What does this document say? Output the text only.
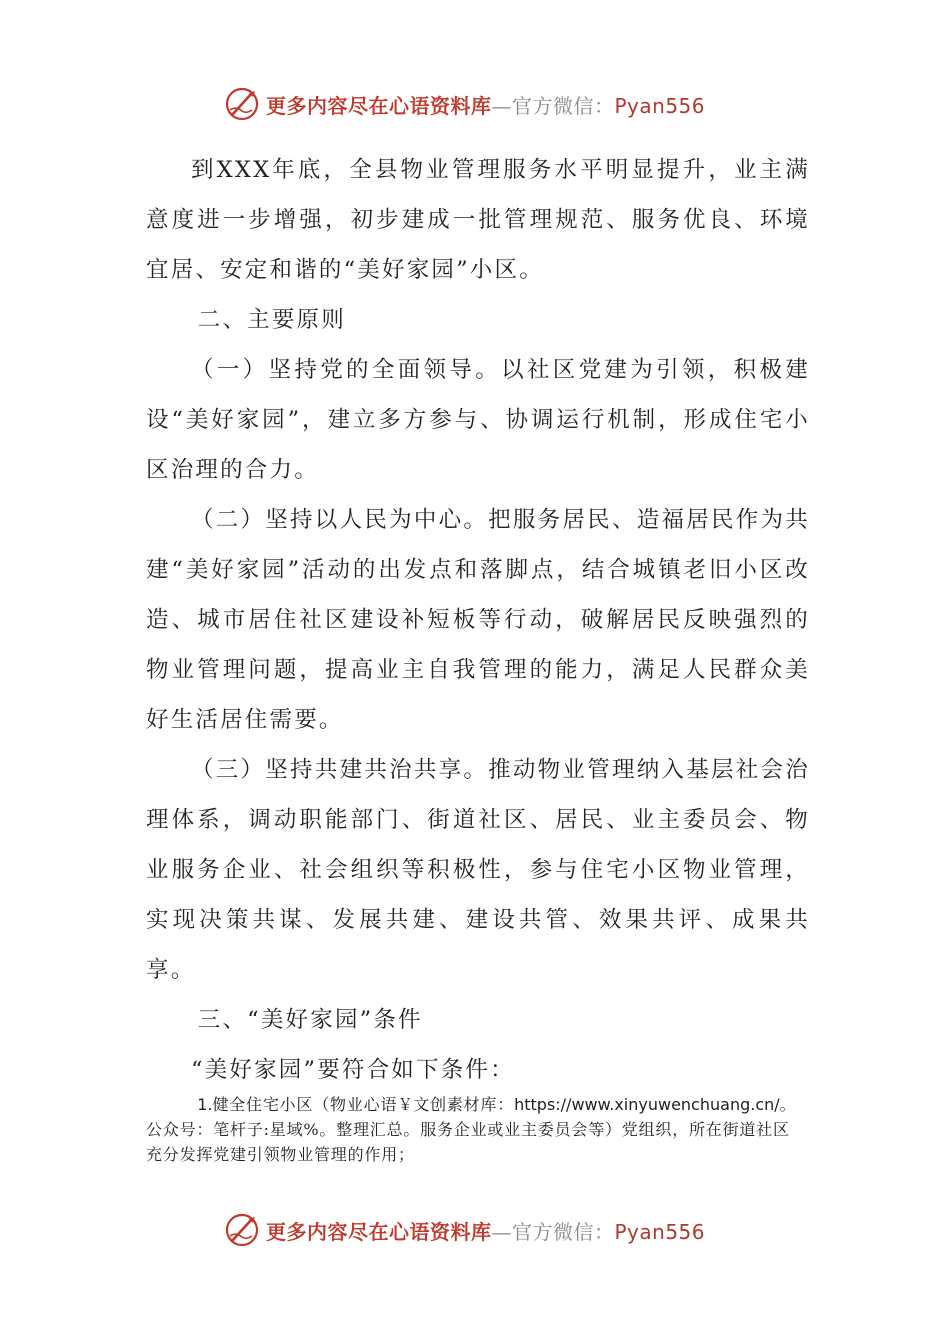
更多内容尽在心语资料库—官方微信：Pyan556

到XXX年底，全县物业管理服务水平明显提升，业主满意度进一步增强，初步建成一批管理规范、服务优良、环境宜居、安定和谐的“美好家园”小区。

二、主要原则

（一）坚持党的全面领导。以社区党建为引领，积极建设“美好家园”，建立多方参与、协调运行机制，形成住宅小区治理的合力。

（二）坚持以人民为中心。把服务居民、造福居民作为共建“美好家园”活动的出发点和落脚点，结合城镇老旧小区改造、城市居住社区建设补短板等行动，破解居民反映强烈的物业管理问题，提高业主自我管理的能力，满足人民群众美好生活居住需要。

（三）坚持共建共治共享。推动物业管理纳入基层社会治理体系，调动职能部门、街道社区、居民、业主委员会、物业服务企业、社会组织等积极性，参与住宅小区物业管理，实现决策共谋、发展共建、建设共管、效果共评、成果共享。

三、“美好家园”条件

“美好家园”要符合如下条件：

1.健全住宅小区（物业心语￥文创素材库：https://www.xinyuwenchuang.cn/。公众号：笔杆子:星域%。整理汇总。服务企业或业主委员会等）党组织，所在街道社区充分发挥党建引领物业管理的作用；

更多内容尽在心语资料库—官方微信：Pyan556
